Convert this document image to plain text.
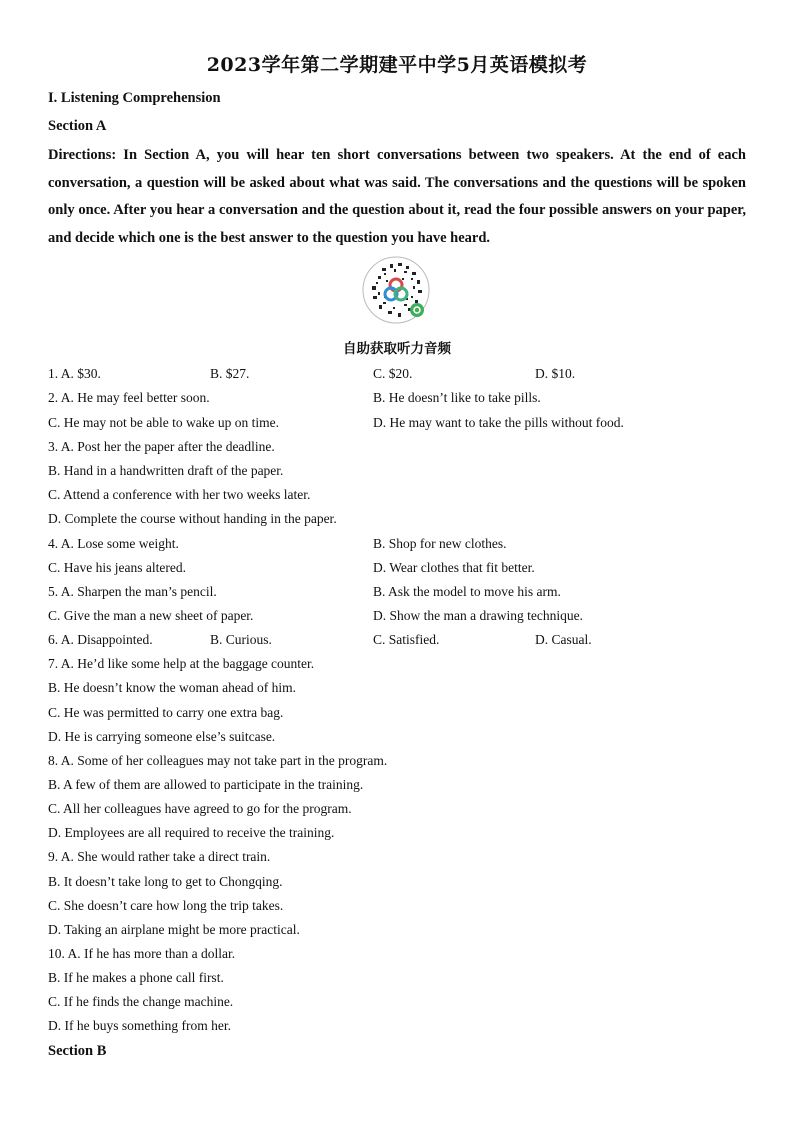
2023学年第二学期建平中学5月英语模拟考
I. Listening Comprehension
Section A
Directions: In Section A, you will hear ten short conversations between two speakers. At the end of each conversation, a question will be asked about what was said. The conversations and the questions will be spoken only once. After you hear a conversation and the question about it, read the four possible answers on your paper, and decide which one is the best answer to the question you have heard.
自助获取听力音频
1. A. $30.	B. $27.	C. $20.	D. $10.
2. A. He may feel better soon.	B. He doesn’t like to take pills.
C. He may not be able to wake up on time.	D. He may want to take the pills without food.
3. A. Post her the paper after the deadline.
B. Hand in a handwritten draft of the paper.
C. Attend a conference with her two weeks later.
D. Complete the course without handing in the paper.
4. A. Lose some weight.	B. Shop for new clothes.
C. Have his jeans altered.	D. Wear clothes that fit better.
5. A. Sharpen the man’s pencil.	B. Ask the model to move his arm.
C. Give the man a new sheet of paper.	D. Show the man a drawing technique.
6. A. Disappointed.	B. Curious.	C. Satisfied.	D. Casual.
7. A. He’d like some help at the baggage counter.
B. He doesn’t know the woman ahead of him.
C. He was permitted to carry one extra bag.
D. He is carrying someone else’s suitcase.
8. A. Some of her colleagues may not take part in the program.
B. A few of them are allowed to participate in the training.
C. All her colleagues have agreed to go for the program.
D. Employees are all required to receive the training.
9. A. She would rather take a direct train.
B. It doesn’t take long to get to Chongqing.
C. She doesn’t care how long the trip takes.
D. Taking an airplane might be more practical.
10. A. If he has more than a dollar.
B. If he makes a phone call first.
C. If he finds the change machine.
D. If he buys something from her.
Section B
